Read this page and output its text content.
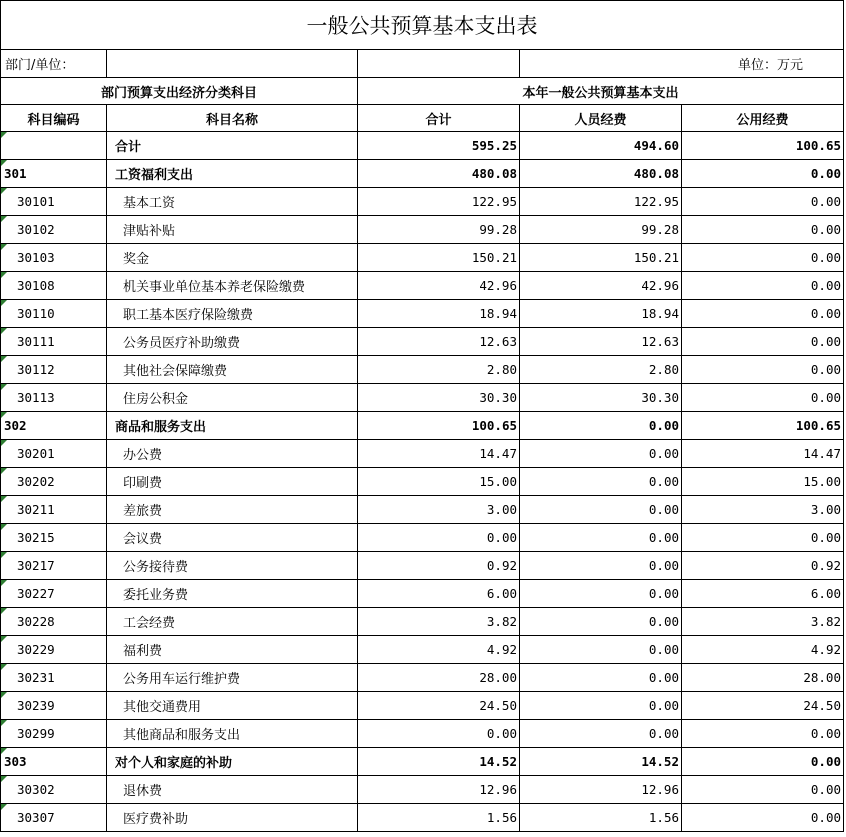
一般公共预算基本支出表				
部门/单位：			单位：万元	
部门预算支出经济分类科目		本年一般公共预算基本支出		
科目编码	科目名称	合计	人员经费	公用经费
	合计	595.25	494.60	100.65
301	工资福利支出	480.08	480.08	0.00
30101	基本工资	122.95	122.95	0.00
30102	津贴补贴	99.28	99.28	0.00
30103	奖金	150.21	150.21	0.00
30108	机关事业单位基本养老保险缴费	42.96	42.96	0.00
30110	职工基本医疗保险缴费	18.94	18.94	0.00
30111	公务员医疗补助缴费	12.63	12.63	0.00
30112	其他社会保障缴费	2.80	2.80	0.00
30113	住房公积金	30.30	30.30	0.00
302	商品和服务支出	100.65	0.00	100.65
30201	办公费	14.47	0.00	14.47
30202	印刷费	15.00	0.00	15.00
30211	差旅费	3.00	0.00	3.00
30215	会议费	0.00	0.00	0.00
30217	公务接待费	0.92	0.00	0.92
30227	委托业务费	6.00	0.00	6.00
30228	工会经费	3.82	0.00	3.82
30229	福利费	4.92	0.00	4.92
30231	公务用车运行维护费	28.00	0.00	28.00
30239	其他交通费用	24.50	0.00	24.50
30299	其他商品和服务支出	0.00	0.00	0.00
303	对个人和家庭的补助	14.52	14.52	0.00
30302	退休费	12.96	12.96	0.00
30307	医疗费补助	1.56	1.56	0.00
